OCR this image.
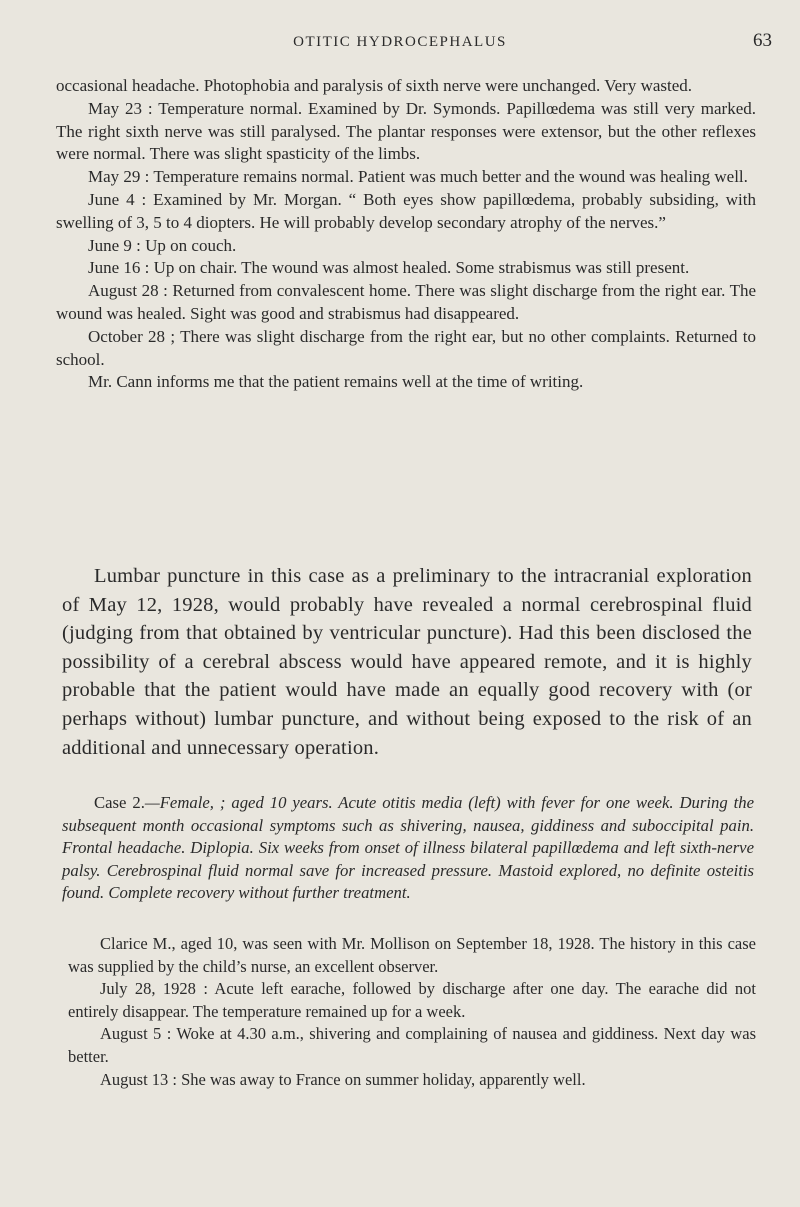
OTITIC HYDROCEPHALUS	63

occasional headache. Photophobia and paralysis of sixth nerve were unchanged. Very wasted.

May 23 : Temperature normal. Examined by Dr. Symonds. Papillœdema was still very marked. The right sixth nerve was still paralysed. The plantar responses were extensor, but the other reflexes were normal. There was slight spasticity of the limbs.

May 29 : Temperature remains normal. Patient was much better and the wound was healing well.

June 4 : Examined by Mr. Morgan. “ Both eyes show papillœdema, probably subsiding, with swelling of 3, 5 to 4 diopters. He will probably develop secondary atrophy of the nerves.”

June 9 : Up on couch.

June 16 : Up on chair. The wound was almost healed. Some strabismus was still present.

August 28 : Returned from convalescent home. There was slight discharge from the right ear. The wound was healed. Sight was good and strabismus had disappeared.

October 28 ; There was slight discharge from the right ear, but no other complaints. Returned to school.

Mr. Cann informs me that the patient remains well at the time of writing.

Lumbar puncture in this case as a preliminary to the intracranial exploration of May 12, 1928, would probably have revealed a normal cerebrospinal fluid (judging from that obtained by ventricular puncture). Had this been disclosed the possibility of a cerebral abscess would have appeared remote, and it is highly probable that the patient would have made an equally good recovery with (or perhaps without) lumbar puncture, and without being exposed to the risk of an additional and unnecessary operation.

Case 2.—Female, ; aged 10 years. Acute otitis media (left) with fever for one week. During the subsequent month occasional symptoms such as shivering, nausea, giddiness and suboccipital pain. Frontal headache. Diplopia. Six weeks from onset of illness bilateral papillœdema and left sixth-nerve palsy. Cerebrospinal fluid normal save for increased pressure. Mastoid explored, no definite osteitis found. Complete recovery without further treatment.

Clarice M., aged 10, was seen with Mr. Mollison on September 18, 1928. The history in this case was supplied by the child’s nurse, an excellent observer.

July 28, 1928 : Acute left earache, followed by discharge after one day. The earache did not entirely disappear. The temperature remained up for a week.

August 5 : Woke at 4.30 a.m., shivering and complaining of nausea and giddiness. Next day was better.

August 13 : She was away to France on summer holiday, apparently well.
